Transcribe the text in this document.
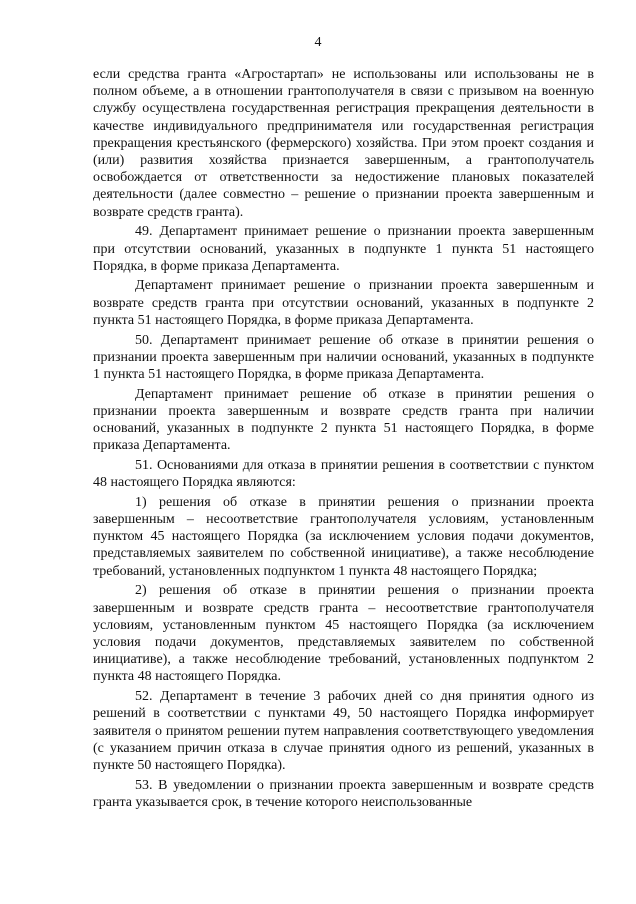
4

если средства гранта «Агростартап» не использованы или использованы не в полном объеме, а в отношении грантополучателя в связи с призывом на военную службу осуществлена государственная регистрация прекращения деятельности в качестве индивидуального предпринимателя или государственная регистрация прекращения крестьянского (фермерского) хозяйства. При этом проект создания и (или) развития хозяйства признается завершенным, а грантополучатель освобождается от ответственности за недостижение плановых показателей деятельности (далее совместно – решение о признании проекта завершенным и возврате средств гранта).

49. Департамент принимает решение о признании проекта завершенным при отсутствии оснований, указанных в подпункте 1 пункта 51 настоящего Порядка, в форме приказа Департамента.

Департамент принимает решение о признании проекта завершенным и возврате средств гранта при отсутствии оснований, указанных в подпункте 2 пункта 51 настоящего Порядка, в форме приказа Департамента.

50. Департамент принимает решение об отказе в принятии решения о признании проекта завершенным при наличии оснований, указанных в подпункте 1 пункта 51 настоящего Порядка, в форме приказа Департамента.

Департамент принимает решение об отказе в принятии решения о признании проекта завершенным и возврате средств гранта при наличии оснований, указанных в подпункте 2 пункта 51 настоящего Порядка, в форме приказа Департамента.

51. Основаниями для отказа в принятии решения в соответствии с пунктом 48 настоящего Порядка являются:

1) решения об отказе в принятии решения о признании проекта завершенным – несоответствие грантополучателя условиям, установленным пунктом 45 настоящего Порядка (за исключением условия подачи документов, представляемых заявителем по собственной инициативе), а также несоблюдение требований, установленных подпунктом 1 пункта 48 настоящего Порядка;

2) решения об отказе в принятии решения о признании проекта завершенным и возврате средств гранта – несоответствие грантополучателя условиям, установленным пунктом 45 настоящего Порядка (за исключением условия подачи документов, представляемых заявителем по собственной инициативе), а также несоблюдение требований, установленных подпунктом 2 пункта 48 настоящего Порядка.

52. Департамент в течение 3 рабочих дней со дня принятия одного из решений в соответствии с пунктами 49, 50 настоящего Порядка информирует заявителя о принятом решении путем направления соответствующего уведомления (с указанием причин отказа в случае принятия одного из решений, указанных в пункте 50 настоящего Порядка).

53. В уведомлении о признании проекта завершенным и возврате средств гранта указывается срок, в течение которого неиспользованные
